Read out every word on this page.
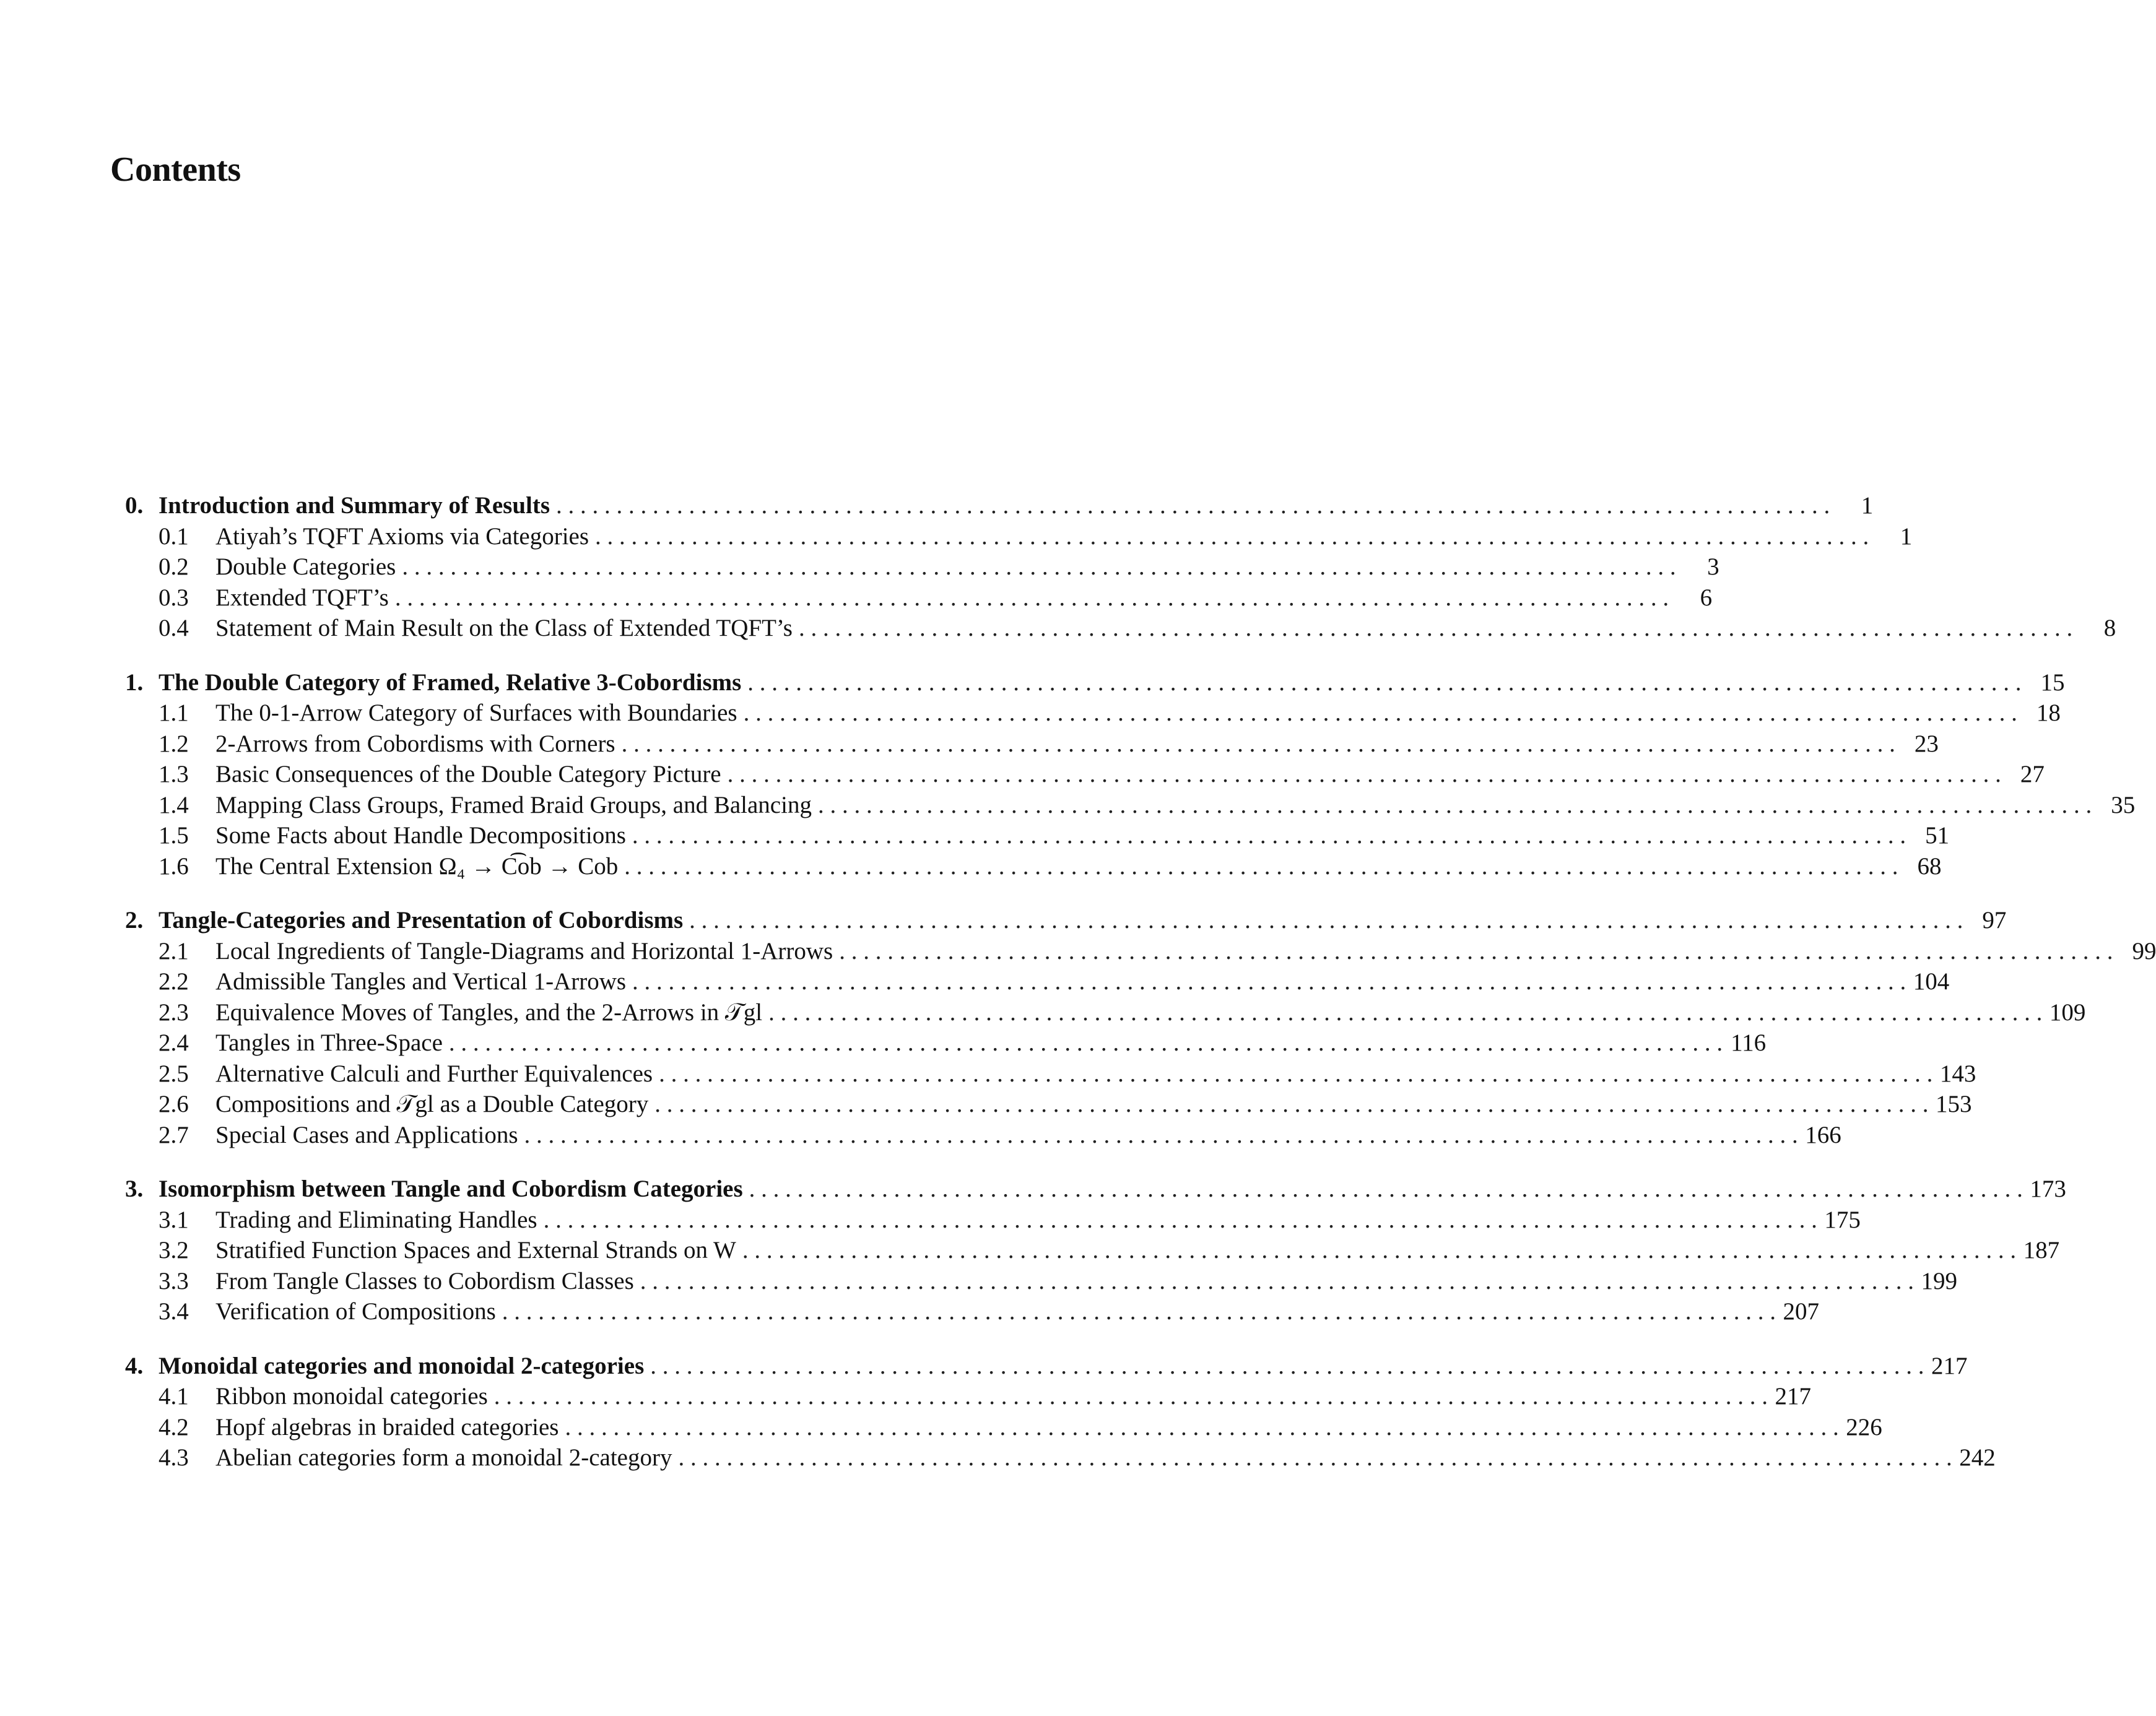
Contents
0. Introduction and Summary of Results . . .	1
0.1	Atiyah’s TQFT Axioms via Categories . . .	1
0.2	Double Categories . . .	3
0.3	Extended TQFT’s . . .	6
0.4	Statement of Main Result on the Class of Extended TQFT’s . . .	8
1. The Double Category of Framed, Relative 3-Cobordisms . . .	15
1.1	The 0-1-Arrow Category of Surfaces with Boundaries . . .	18
1.2	2-Arrows from Cobordisms with Corners . . .	23
1.3	Basic Consequences of the Double Category Picture . . .	27
1.4	Mapping Class Groups, Framed Braid Groups, and Balancing . . .	35
1.5	Some Facts about Handle Decompositions . . .	51
1.6	The Central Extension Ω₄ → C͡ob → Cob . . .	68
2. Tangle-Categories and Presentation of Cobordisms . . .	97
2.1	Local Ingredients of Tangle-Diagrams and Horizontal 1-Arrows . . .	99
2.2	Admissible Tangles and Vertical 1-Arrows . . .	104
2.3	Equivalence Moves of Tangles, and the 2-Arrows in 𝒯gl . . .	109
2.4	Tangles in Three-Space . . .	116
2.5	Alternative Calculi and Further Equivalences . . .	143
2.6	Compositions and 𝒯gl as a Double Category . . .	153
2.7	Special Cases and Applications . . .	166
3. Isomorphism between Tangle and Cobordism Categories . . .	173
3.1	Trading and Eliminating Handles . . .	175
3.2	Stratified Function Spaces and External Strands on W . . .	187
3.3	From Tangle Classes to Cobordism Classes . . .	199
3.4	Verification of Compositions . . .	207
4. Monoidal categories and monoidal 2-categories . . .	217
4.1	Ribbon monoidal categories . . .	217
4.2	Hopf algebras in braided categories . . .	226
4.3	Abelian categories form a monoidal 2-category . . .	242
